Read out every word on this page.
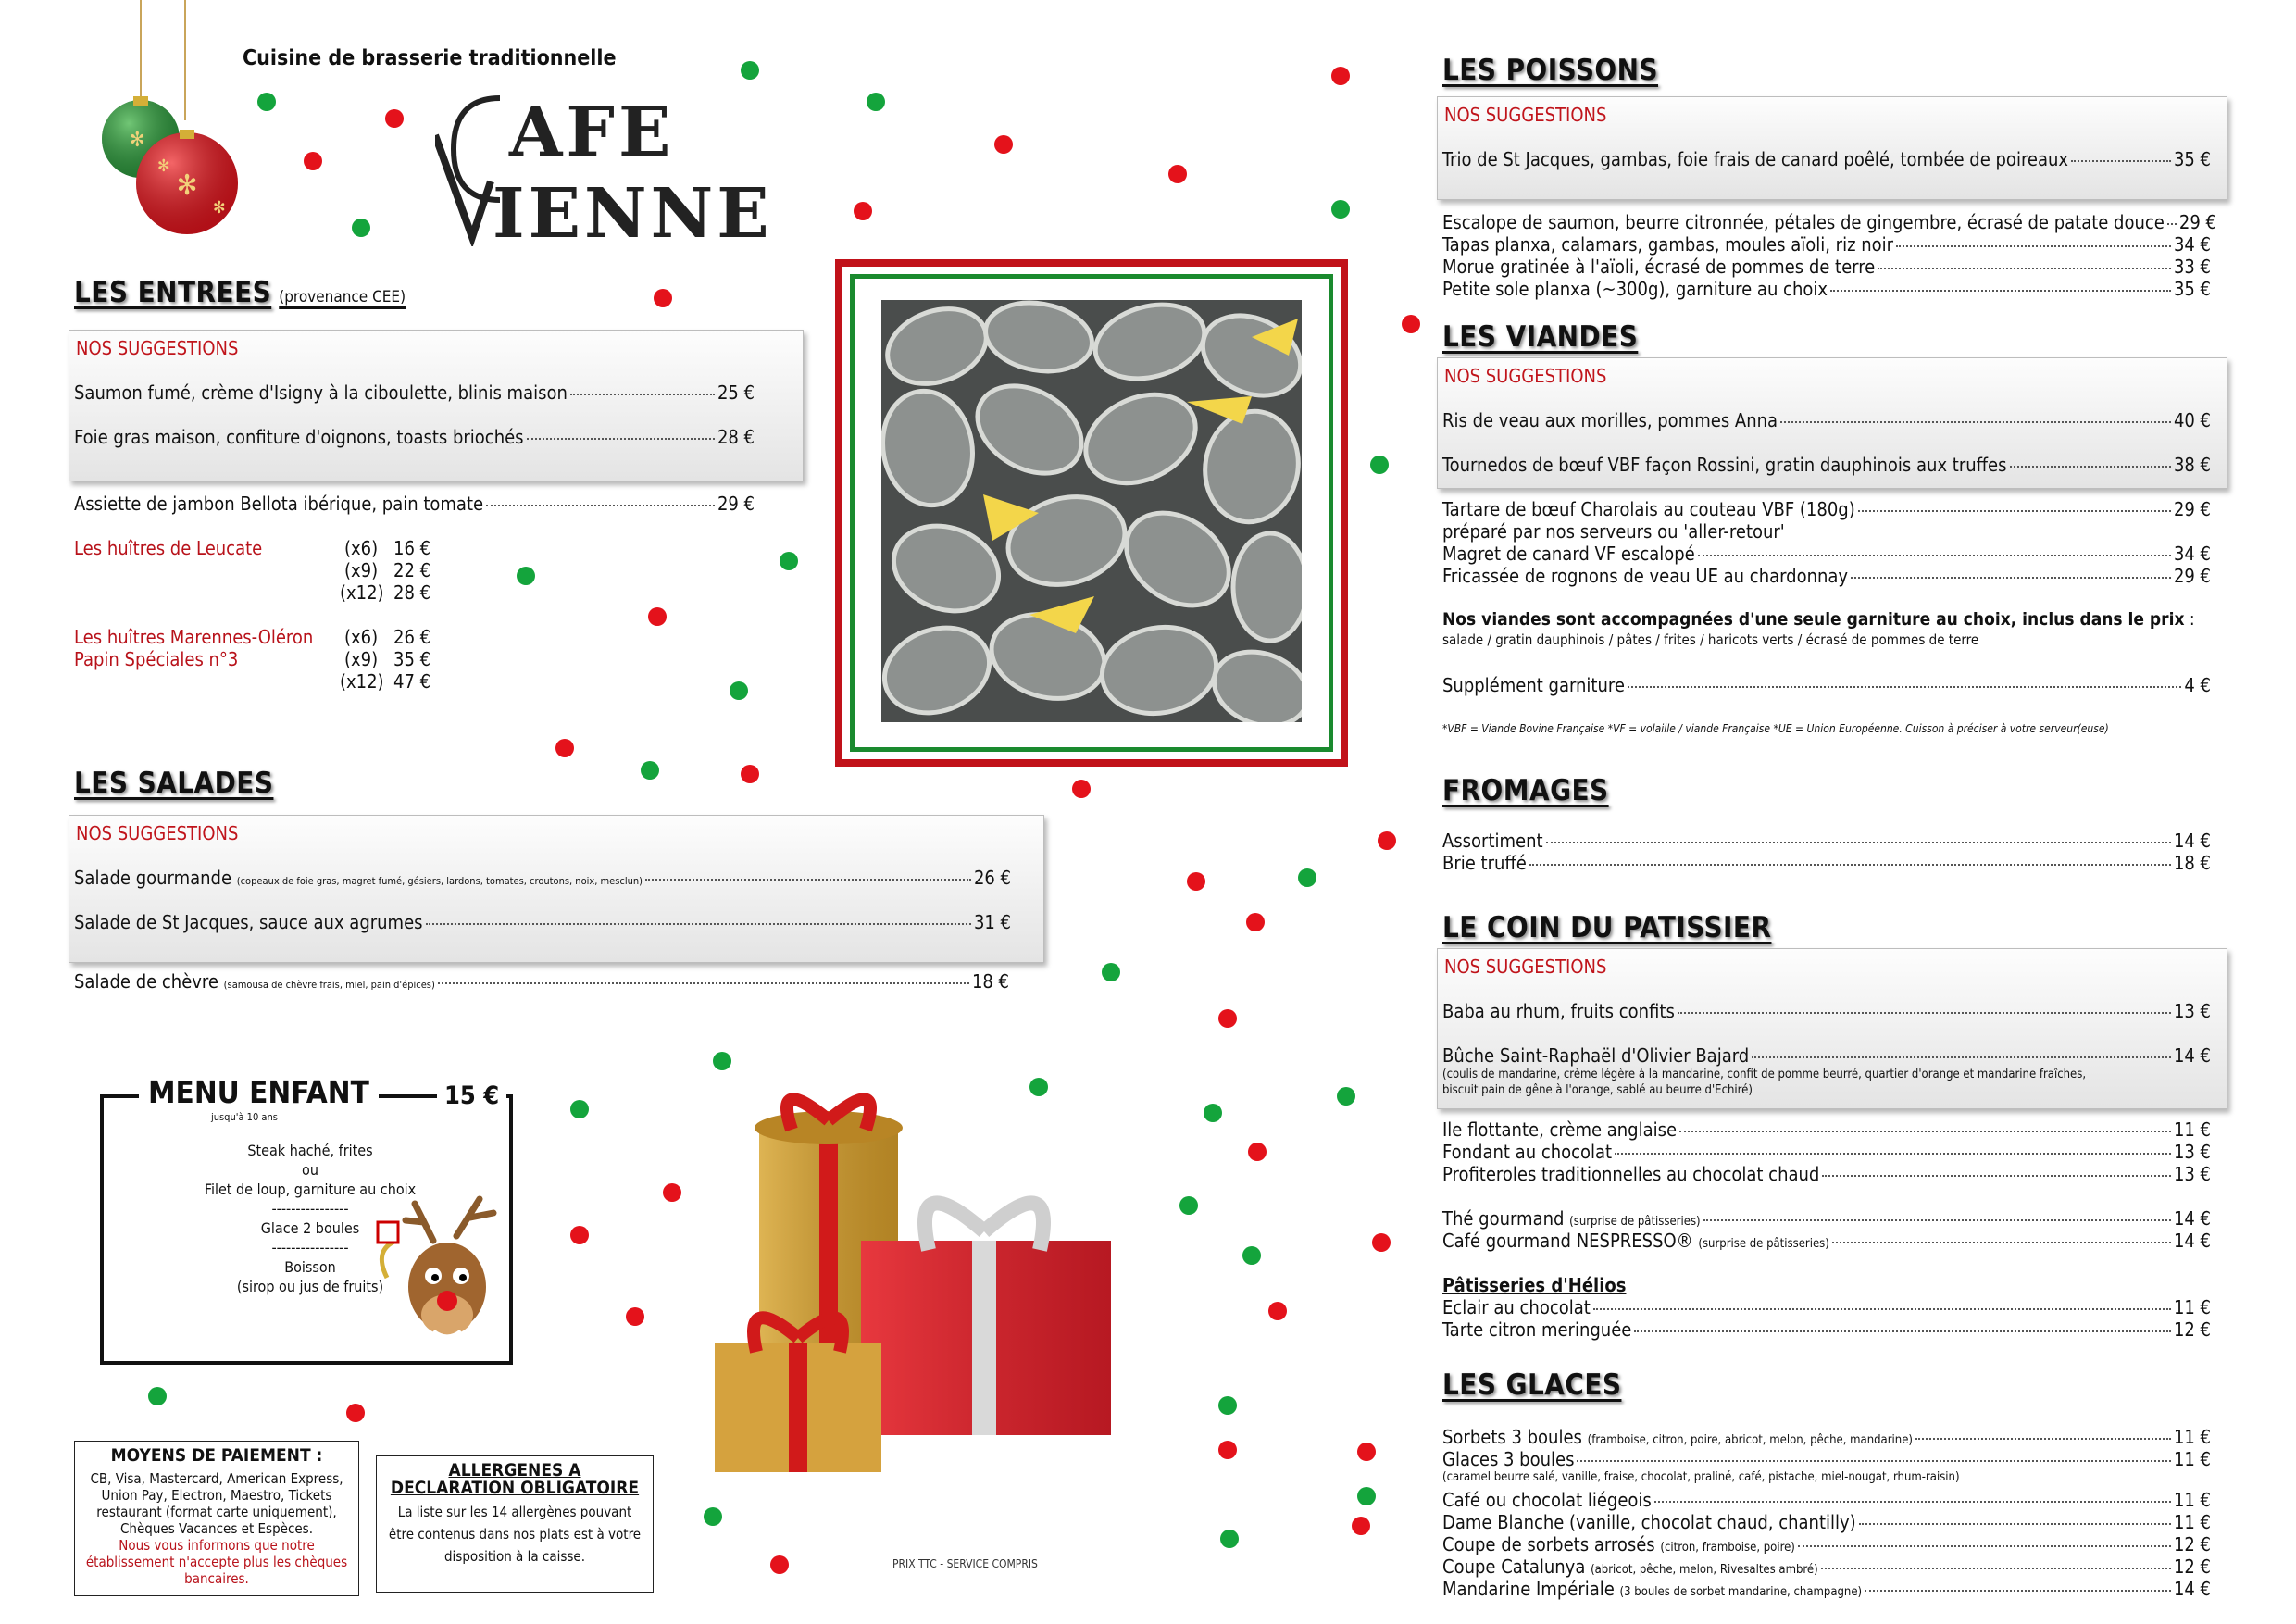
Cuisine de brasserie traditionnelle
✻
✻
✻
✻	AFE
IENNE
LES ENTREES (provenance CEE)
NOS SUGGESTIONS
Saumon fumé, crème d'Isigny à la ciboulette, blinis maison	25 €
Foie gras maison, confiture d'oignons, toasts briochés	28 €
Assiette de jambon Bellota ibérique, pain tomate	29 €
Les huîtres de Leucate	(x6) 16 €
(x9) 22 €
(x12) 28 €
Les huîtres Marennes-Oléron
Papin Spéciales n°3
(x6) 26 €
(x9) 35 €
(x12) 47 €
LES SALADES
NOS SUGGESTIONS
Salade gourmande (copeaux de foie gras, magret fumé, gésiers, lardons, tomates, croutons, noix, mesclun)	26 €
Salade de St Jacques, sauce aux agrumes	31 €
Salade de chèvre (samousa de chèvre frais, miel, pain d'épices)	18 €
MENU ENFANT	15 €
jusqu'à 10 ans
Steak haché, frites
ou
Filet de loup, garniture au choix
----------------
Glace 2 boules
----------------
Boisson
(sirop ou jus de fruits)
MOYENS DE PAIEMENT :
CB, Visa, Mastercard, American Express, Union Pay, Electron, Maestro, Tickets restaurant (format carte uniquement), Chèques Vacances et Espèces.
Nous vous informons que notre établissement n'accepte plus les chèques bancaires.
ALLERGENES A
DECLARATION OBLIGATOIRE
La liste sur les 14 allergènes pouvant être contenus dans nos plats est à votre disposition à la caisse.	PRIX TTC - SERVICE COMPRIS
LES POISSONS
NOS SUGGESTIONS
Trio de St Jacques, gambas, foie frais de canard poêlé, tombée de poireaux	35 €
Escalope de saumon, beurre citronnée, pétales de gingembre, écrasé de patate douce 29 €
Tapas planxa, calamars, gambas, moules aïoli, riz noir	34 €
Morue gratinée à l'aïoli, écrasé de pommes de terre	33 €
Petite sole planxa (~300g), garniture au choix	35 €
LES VIANDES
NOS SUGGESTIONS
Ris de veau aux morilles, pommes Anna	40 €
Tournedos de bœuf VBF façon Rossini, gratin dauphinois aux truffes	38 €
Tartare de bœuf Charolais au couteau VBF (180g)	29 €
préparé par nos serveurs ou 'aller-retour'
Magret de canard VF escalopé	34 €
Fricassée de rognons de veau UE au chardonnay	29 €
Nos viandes sont accompagnées d'une seule garniture au choix, inclus dans le prix :
salade / gratin dauphinois / pâtes / frites / haricots verts / écrasé de pommes de terre
Supplément garniture	4 €
*VBF = Viande Bovine Française *VF = volaille / viande Française *UE = Union Européenne. Cuisson à préciser à votre serveur(euse)
FROMAGES
Assortiment	14 €
Brie truffé	18 €
LE COIN DU PATISSIER
NOS SUGGESTIONS
Baba au rhum, fruits confits	13 €
Bûche Saint-Raphaël d'Olivier Bajard	14 €
(coulis de mandarine, crème légère à la mandarine, confit de pomme beurré, quartier d'orange et mandarine fraîches,
biscuit pain de gêne à l'orange, sablé au beurre d'Echiré)
Ile flottante, crème anglaise	11 €
Fondant au chocolat	13 €
Profiteroles traditionnelles au chocolat chaud	13 €
Thé gourmand (surprise de pâtisseries)	14 €
Café gourmand NESPRESSO® (surprise de pâtisseries)	14 €
Pâtisseries d'Hélios
Eclair au chocolat	11 €
Tarte citron meringuée	12 €
LES GLACES
Sorbets 3 boules (framboise, citron, poire, abricot, melon, pêche, mandarine)	11 €
Glaces 3 boules	11 €
(caramel beurre salé, vanille, fraise, chocolat, praliné, café, pistache, miel-nougat, rhum-raisin)
Café ou chocolat liégeois	11 €
Dame Blanche (vanille, chocolat chaud, chantilly)	11 €
Coupe de sorbets arrosés (citron, framboise, poire)	12 €
Coupe Catalunya (abricot, pêche, melon, Rivesaltes ambré)	12 €
Mandarine Impériale (3 boules de sorbet mandarine, champagne)	14 €
